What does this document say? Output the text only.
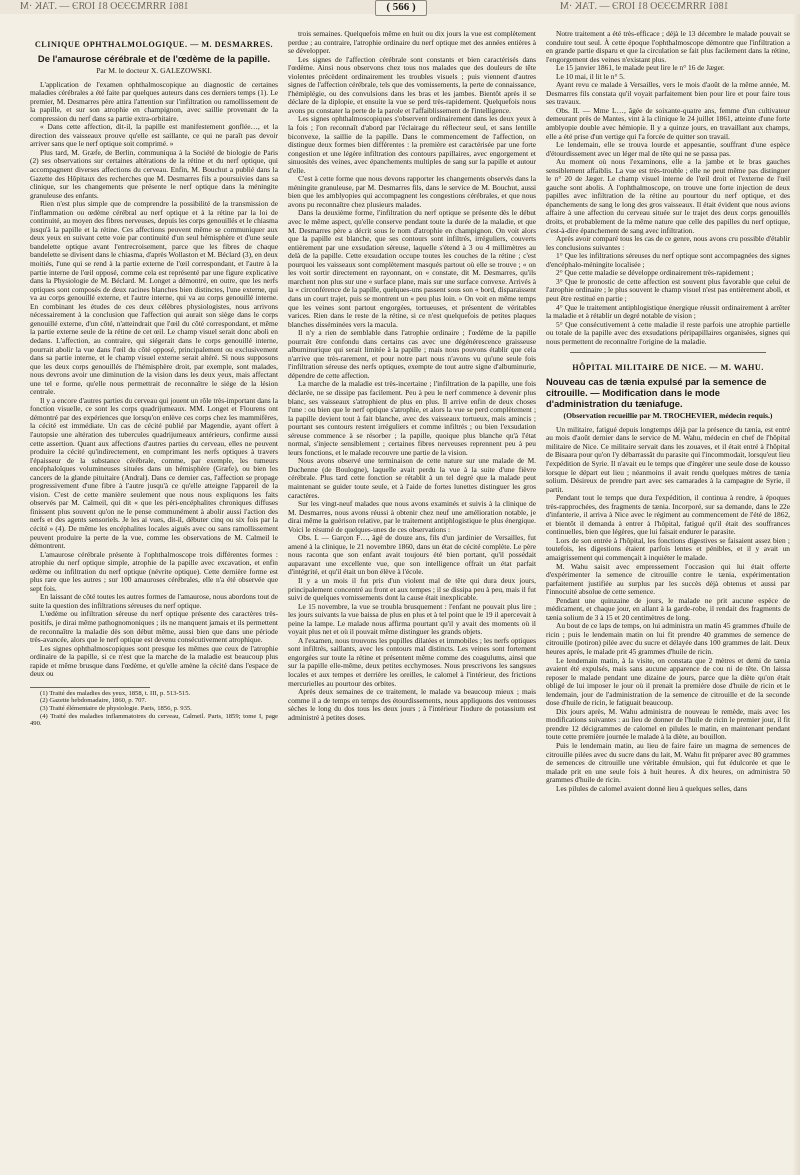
1861 ЯЯЯМЭЭЭО 81 ІОЯЭ — .TAK ·M	1861 ЯЯЯМЭЭЭО 81 ІОЯЭ — .TAK ·M
( 566 )
CLINIQUE OPHTHALMOLOGIQUE. — M. DESMARRES.
De l'amaurose cérébrale et de l'œdème de la papille.
Par M. le docteur X. GALEZOWSKI.

L'application de l'examen ophthalmoscopique au diagnostic de certaines maladies cérébrales a été faite par quelques auteurs dans ces derniers temps (1). Le premier, M. Desmarres père attira l'attention sur l'infiltration ou ramollissement de la papille, et sur son atrophie en champignon, avec saillie provenant de la compression du nerf dans sa partie extra-orbitaire.

« Dans cette affection, dit-il, la papille est manifestement gonflée…, et la direction des vaisseaux prouve qu'elle est saillante, ce qui ne paraît pas devoir arriver sans que le nerf optique soit comprimé. »

Plus tard, M. Græfe, de Berlin, communiqua à la Société de biologie de Paris (2) ses observations sur certaines altérations de la rétine et du nerf optique, qui accompagnent diverses affections du cerveau. Enfin, M. Bouchut a publié dans la Gazette des Hôpitaux des recherches que M. Desmarres fils a poursuivies dans sa clinique, sur les changements que présente le nerf optique dans la méningite granuleuse des enfants.

Rien n'est plus simple que de comprendre la possibilité de la transmission de l'inflammation ou œdème cérébral au nerf optique et à la rétine par la loi de continuité, au moyen des fibres nerveuses, depuis les corps genouillés et le chiasma jusqu'à la papille et la rétine. Ces affections peuvent même se communiquer aux deux yeux en suivant cette voie par continuité d'un seul hémisphère et d'une seule bandelette optique avant l'entrecroisement, parce que les fibres de chaque bandelette se divisent dans le chiasma, d'après Wollaston et M. Béclard (3), en deux moitiés, l'une qui se rend à la partie externe de l'œil correspondant, et l'autre à la partie interne de l'œil opposé, comme cela est représenté par une figure explicative dans la Physiologie de M. Béclard. M. Longet a démontré, en outre, que les nerfs optiques sont composés de deux racines blanches bien distinctes, l'une externe, qui va au corps genouillé externe, et l'autre interne, qui va au corps genouillé interne. En combinant les études de ces deux célèbres physiologistes, nous arrivons nécessairement à la conclusion que l'affection qui aurait son siège dans le corps genouillé externe, d'un côté, n'atteindrait que l'œil du côté correspondant, et même la partie externe seule de la rétine de cet œil. Le champ visuel serait donc aboli en dedans. L'affection, au contraire, qui siégerait dans le corps genouillé interne, pourrait abolir la vue dans l'œil du côté opposé, principalement ou exclusivement dans sa partie interne, et le champ visuel externe serait altéré. Si nous supposons que les deux corps genouillés de l'hémisphère droit, par exemple, sont malades, nous devrons avoir une diminution de la vision dans les deux yeux, mais affectant une tel e forme, qu'elle nous permettrait de reconnaître le siége de la lésion centrale.

Il y a encore d'autres parties du cerveau qui jouent un rôle très-important dans la fonction visuelle, ce sont les corps quadrijumeaux. MM. Longet et Flourens ont démontré par des expériences que lorsqu'on enlève ces corps chez les mammifères, la cécité est immédiate. Un cas de cécité publié par Magendie, ayant offert à l'autopsie une altération des tubercules quadrijumeaux antérieurs, confirme aussi cette assertion. Quant aux affections d'autres parties du cerveau, elles ne peuvent produire la cécité qu'indirectement, en comprimant les nerfs optiques à travers l'épaisseur de la substance cérébrale, comme, par exemple, les tumeurs encéphaloïques volumineuses situées dans un hémisphère (Græfe), ou bien les cancers de la glande pituitaire (Andral). Dans ce dernier cas, l'affection se propage progressivement d'une fibre à l'autre jusqu'à ce qu'elle atteigne l'appareil de la vision. C'est de cette manière seulement que nous nous expliquons les faits observés par M. Calmeil, qui dit « que les péri-encéphalites chroniques diffuses finissent plus souvent qu'on ne le pense communément à abolir aussi l'action des nerfs et des agents sensoriels. Je les ai vues, dit-il, débuter cinq ou six fois par la cécité » (4). De même les encéphalites locales aiguës avec ou sans ramollissement peuvent produire la perte de la vue, comme les observations de M. Calmeil le démontrent.

L'amaurose cérébrale présente à l'ophthalmoscope trois différentes formes : atrophie du nerf optique simple, atrophie de la papille avec excavation, et enfin œdème ou infiltration du nerf optique (névrite optique). Cette dernière forme est plus rare que les autres ; sur 100 amauroses cérébrales, elle n'a été observée que sept fois.

En laissant de côté toutes les autres formes de l'amaurose, nous abordons tout de suite la question des infiltrations séreuses du nerf optique.

L'œdème ou infiltration séreuse du nerf optique présente des caractères très-positifs, je dirai même pathognomoniques ; ils ne manquent jamais et ils permettent de reconnaître la maladie dès son début même, aussi bien que dans une période très-avancée, alors que le nerf optique est devenu consécutivement atrophique.

Les signes ophthalmoscopiques sont presque les mêmes que ceux de l'atrophie ordinaire de la papille, si ce n'est que la marche de la maladie est beaucoup plus rapide et même brusque dans l'œdème, et qu'elle amène la cécité dans l'espace de deux ou

(1) Traité des maladies des yeux, 1858, t. III, p. 513-515.

(2) Gazette hebdomadaire, 1860, p. 707.

(3) Traité élémentaire de physiologie. Paris, 1856, p. 935.

(4) Traité des maladies inflammatoires du cerveau, Calmeil. Paris, 1859; tome I, page 490.

trois semaines. Quelquefois même en huit ou dix jours la vue est complètement perdue ; au contraire, l'atrophie ordinaire du nerf optique met des années entières à se développer.

Les signes de l'affection cérébrale sont constants et bien caractérisés dans l'œdème. Ainsi nous observons chez tous nos malades que des douleurs de tête violentes précèdent ordinairement les troubles visuels ; puis viennent d'autres signes de l'affection cérébrale, tels que des vomissements, la perte de connaissance, l'hémiplégie, ou des convulsions dans les bras et les jambes. Bientôt après il se déclare de la diplopie, et ensuite la vue se perd très-rapidement. Quelquefois nous avons pu constater la perte de la parole et l'affaiblissement de l'intelligence.

Les signes ophthalmoscopiques s'observent ordinairement dans les deux yeux à la fois ; l'on reconnaît d'abord par l'éclairage du réflecteur seul, et sans lentille biconvexe, la saillie de la papille. Dans le commencement de l'affection, on distingue deux formes bien différentes : la première est caractérisée par une forte congestion et une légère infiltration des contours papillaires, avec engorgement et sinuosités des veines, avec épanchements multiples de sang sur la papille et autour d'elle.

C'est à cette forme que nous devons rapporter les changements observés dans la méningite granuleuse, par M. Desmarres fils, dans le service de M. Bouchut, aussi bien que les amblyopies qui accompagnent les congestions cérébrales, et que nous avons pu reconnaître chez plusieurs malades.

Dans la deuxième forme, l'infiltration du nerf optique se présente dès le début avec le même aspect, qu'elle conserve pendant toute la durée de la maladie, et que M. Desmarres père a décrit sous le nom d'atrophie en champignon. On voit alors que la papille est blanche, que ses contours sont infiltrés, irréguliers, couverts entièrement par une exsudation séreuse, laquelle s'étend à 3 ou 4 millimètres au delà de la papille. Cette exsudation occupe toutes les couches de la rétine ; c'est pourquoi les vaisseaux sont complètement masqués partout où elle se trouve ; « on les voit sortir directement en rayonnant, on « constate, dit M. Desmarres, qu'ils marchent non plus sur une « surface plane, mais sur une surface convexe. Arrivés à la « circonférence de la papille, quelques-uns passent sous son « bord, disparaissent dans un court trajet, puis se montrent un « peu plus loin. » On voit en même temps que les veines sont partout engorgées, tortueuses, et présentent de véritables varices. Rien dans le reste de la rétine, si ce n'est quelquefois de petites plaques blanches disséminées vers la macula.

Il n'y a rien de semblable dans l'atrophie ordinaire ; l'œdème de la papille pourrait être confondu dans certains cas avec une dégénérescence graisseuse albuminurique qui serait limitée à la papille ; mais nous pouvons établir que cela n'arrive que très-rarement, et pour notre part nous n'avons vu qu'une seule fois l'infiltration séreuse des nerfs optiques, exempte de tout autre signe d'albuminurie, dépendre de cette affection.

La marche de la maladie est très-incertaine ; l'infiltration de la papille, une fois déclarée, ne se dissipe pas facilement. Peu à peu le nerf commence à devenir plus blanc, ses vaisseaux s'atrophient de plus en plus. Il arrive enfin de deux choses l'une : ou bien que le nerf optique s'atrophie, et alors la vue se perd complètement ; la papille devient tout à fait blanche, avec des vaisseaux tortueux, mais amincis ; pourtant ses contours restent irréguliers et comme infiltrés ; ou bien l'exsudation séreuse commence à se résorber ; la papille, quoique plus blanche qu'à l'état normal, s'injecte sensiblement ; certaines fibres nerveuses reprennent peu à peu leurs fonctions, et le malade recouvre une partie de la vision.

Nous avons observé une terminaison de cette nature sur une malade de M. Duchenne (de Boulogne), laquelle avait perdu la vue à la suite d'une fièvre cérébrale. Plus tard cette fonction se rétablit à un tel degré que la malade peut maintenant se guider toute seule, et à l'aide de fortes lunettes distinguer les gros caractères.

Sur les vingt-neuf malades que nous avons examinés et suivis à la clinique de M. Desmarres, nous avons réussi à obtenir chez neuf une amélioration notable, je dirai même la guérison relative, par le traitement antiphlogistique le plus énergique. Voici le résumé de quelques-unes de ces observations :

Obs. I. — Garçon F…, âgé de douze ans, fils d'un jardinier de Versailles, fut amené à la clinique, le 21 novembre 1860, dans un état de cécité complète. Le père nous raconta que son enfant avait toujours été bien portant, qu'il possédait auparavant une excellente vue, que son intelligence offrait un état parfait d'intégrité, et qu'il était un bon élève à l'école.

Il y a un mois il fut pris d'un violent mal de tête qui dura deux jours, principalement concentré au front et aux tempes ; il se dissipa peu à peu, mais il fut suivi de quelques vomissements dont la cause était inexplicable.

Le 15 novembre, la vue se troubla brusquement : l'enfant ne pouvait plus lire ; les jours suivants la vue baissa de plus en plus et à tel point que le 19 il apercevait à peine la lampe. Le malade nous affirma pourtant qu'il y avait des moments où il voyait plus net et où il pouvait même distinguer les grands objets.

A l'examen, nous trouvons les pupilles dilatées et immobiles ; les nerfs optiques sont infiltrés, saillants, avec les contours mal distincts. Les veines sont fortement engorgées sur toute la rétine et présentent même comme des coagulums, ainsi que sur la papille elle-même, deux petites ecchymoses. Nous prescrivons les sangsues locales et aux tempes et derrière les oreilles, le calomel à l'intérieur, des frictions mercurielles au pourtour des orbites.

Après deux semaines de ce traitement, le malade va beaucoup mieux ; mais comme il a de temps en temps des étourdissements, nous appliquons des ventouses sèches le long du dos tous les deux jours ; à l'intérieur l'iodure de potassium est administré à petites doses.

Notre traitement a été très-efficace ; déjà le 13 décembre le malade pouvait se conduire tout seul. À cette époque l'ophthalmoscope démontre que l'infiltration a en grande partie disparu et que la circulation se fait plus facilement dans la rétine, l'engorgement des veines n'existant plus.

Le 15 janvier 1861, le malade peut lire le n° 16 de Jæger.

Le 10 mai, il lit le n° 5.

Ayant revu ce malade à Versailles, vers le mois d'août de la même année, M. Desmarres fils constata qu'il voyait parfaitement bien pour lire et pour faire tous ses travaux.

Obs. II. — Mme L…, âgée de soixante-quatre ans, femme d'un cultivateur demeurant près de Mantes, vint à la clinique le 24 juillet 1861, atteinte d'une forte amblyopie double avec hémiopie. Il y a quinze jours, en travaillant aux champs, elle a été prise d'un vertige qui l'a forcée de quitter son travail.

Le lendemain, elle se trouva lourde et appesantie, souffrant d'une espèce d'étourdissement avec un léger mal de tête qui ne se passa pas.

Au moment où nous l'examinons, elle a la jambe et le bras gauches sensiblement affaiblis. La vue est très-trouble ; elle ne peut même pas distinguer le n° 20 de Jæger. Le champ visuel interne de l'œil droit et l'externe de l'œil gauche sont abolis. À l'ophthalmoscope, on trouve une forte injection de deux papilles avec infiltration de la rétine au pourtour du nerf optique, et des épanchements de sang le long des gros vaisseaux. Il était évident que nous avions affaire à une affection du cerveau située sur le trajet des deux corps genouillés droits, et probablement de la même nature que celle des papilles du nerf optique, c'est-à-dire épanchement de sang avec infiltration.

Après avoir comparé tous les cas de ce genre, nous avons cru possible d'établir les conclusions suivantes :

1° Que les infiltrations séreuses du nerf optique sont accompagnées des signes d'encéphalo-méningite localisée ;

2° Que cette maladie se développe ordinairement très-rapidement ;

3° Que le pronostic de cette affection est souvent plus favorable que celui de l'atrophie ordinaire ; le plus souvent le champ visuel n'est pas entièrement aboli, et peut être restitué en partie ;

4° Que le traitement antiphlogistique énergique réussit ordinairement à arrêter la maladie et à rétablir un degré notable de vision ;

5° Que consécutivement à cette maladie il reste parfois une atrophie partielle ou totale de la papille avec des exsudations péripapillaires organisées, signes qui nous permettent de reconnaître l'origine de la maladie.

HÔPITAL MILITAIRE DE NICE. — M. WAHU.
Nouveau cas de tænia expulsé par la semence de citrouille. — Modification dans le mode d'administration du tæniafuge.
(Observation recueillie par M. TROCHEVIER, médecin requis.)

Un militaire, fatigué depuis longtemps déjà par la présence du tænia, est entré au mois d'août dernier dans le service de M. Wahu, médecin en chef de l'hôpital militaire de Nice. Ce militaire servait dans les zouaves, et il était entré à l'hôpital de Bisaara pour qu'on l'y débarrassât du parasite qui l'incommodait, lorsqu'eut lieu l'expédition de Syrie. Il n'avait eu le temps que d'ingérer une seule dose de kousso lorsque le départ eut lieu ; néanmoins il avait rendu quelques mètres de tænia solium. Désireux de prendre part avec ses camarades à la campagne de Syrie, il partit.

Pendant tout le temps que dura l'expédition, il continua à rendre, à époques très-rapprochées, des fragments de tænia. Incorporé, sur sa demande, dans le 22e d'infanterie, il arriva à Nice avec le régiment au commencement de l'été de 1862, et bientôt il demanda à entrer à l'hôpital, fatigué qu'il était des souffrances continuelles, bien que légères, que lui faisait endurer le parasite.

Lors de son entrée à l'hôpital, les fonctions digestives se faisaient assez bien ; toutefois, les digestions étaient parfois lentes et pénibles, et il y avait un amaigrissement qui commençait à inquiéter le malade.

M. Wahu saisit avec empressement l'occasion qui lui était offerte d'expérimenter la semence de citrouille contre le tænia, expérimentation parfaitement justifiée au surplus par les succès déjà obtenus et aussi par l'innocuité absolue de cette semence.

Pendant une quinzaine de jours, le malade ne prit aucune espèce de médicament, et chaque jour, en allant à la garde-robe, il rendait des fragments de tænia solium de 3 à 15 et 20 centimètres de long.

Au bout de ce laps de temps, on lui administra un matin 45 grammes d'huile de ricin ; puis le lendemain matin on lui fit prendre 40 grammes de semence de citrouille (potiron) pilée avec du sucre et délayée dans 100 grammes de lait. Deux heures après, le malade prit 45 grammes d'huile de ricin.

Le lendemain matin, à la visite, on constata que 2 mètres et demi de tænia avaient été expulsés, mais sans aucune apparence de cou ni de tête. On laissa reposer le malade pendant une dizaine de jours, parce que la diète qu'on était obligé de lui imposer le jour où il prenait la première dose d'huile de ricin et le lendemain, jour de l'administration de la semence de citrouille et de la seconde dose d'huile de ricin, le fatiguait beaucoup.

Dix jours après, M. Wahu administra de nouveau le remède, mais avec les modifications suivantes : au lieu de donner de l'huile de ricin le premier jour, il fit prendre 12 décigrammes de calomel en pilules le matin, en maintenant pendant toute cette première journée le malade à la diète, au bouillon.

Puis le lendemain matin, au lieu de faire faire un magma de semences de citrouille pilées avec du sucre dans du lait, M. Wahu fit préparer avec 80 grammes de semences de citrouille une véritable émulsion, qui fut édulcorée et que le malade prit en une seule fois à huit heures. À dix heures, on administra 50 grammes d'huile de ricin.

Les pilules de calomel avaient donné lieu à quelques selles, dans
